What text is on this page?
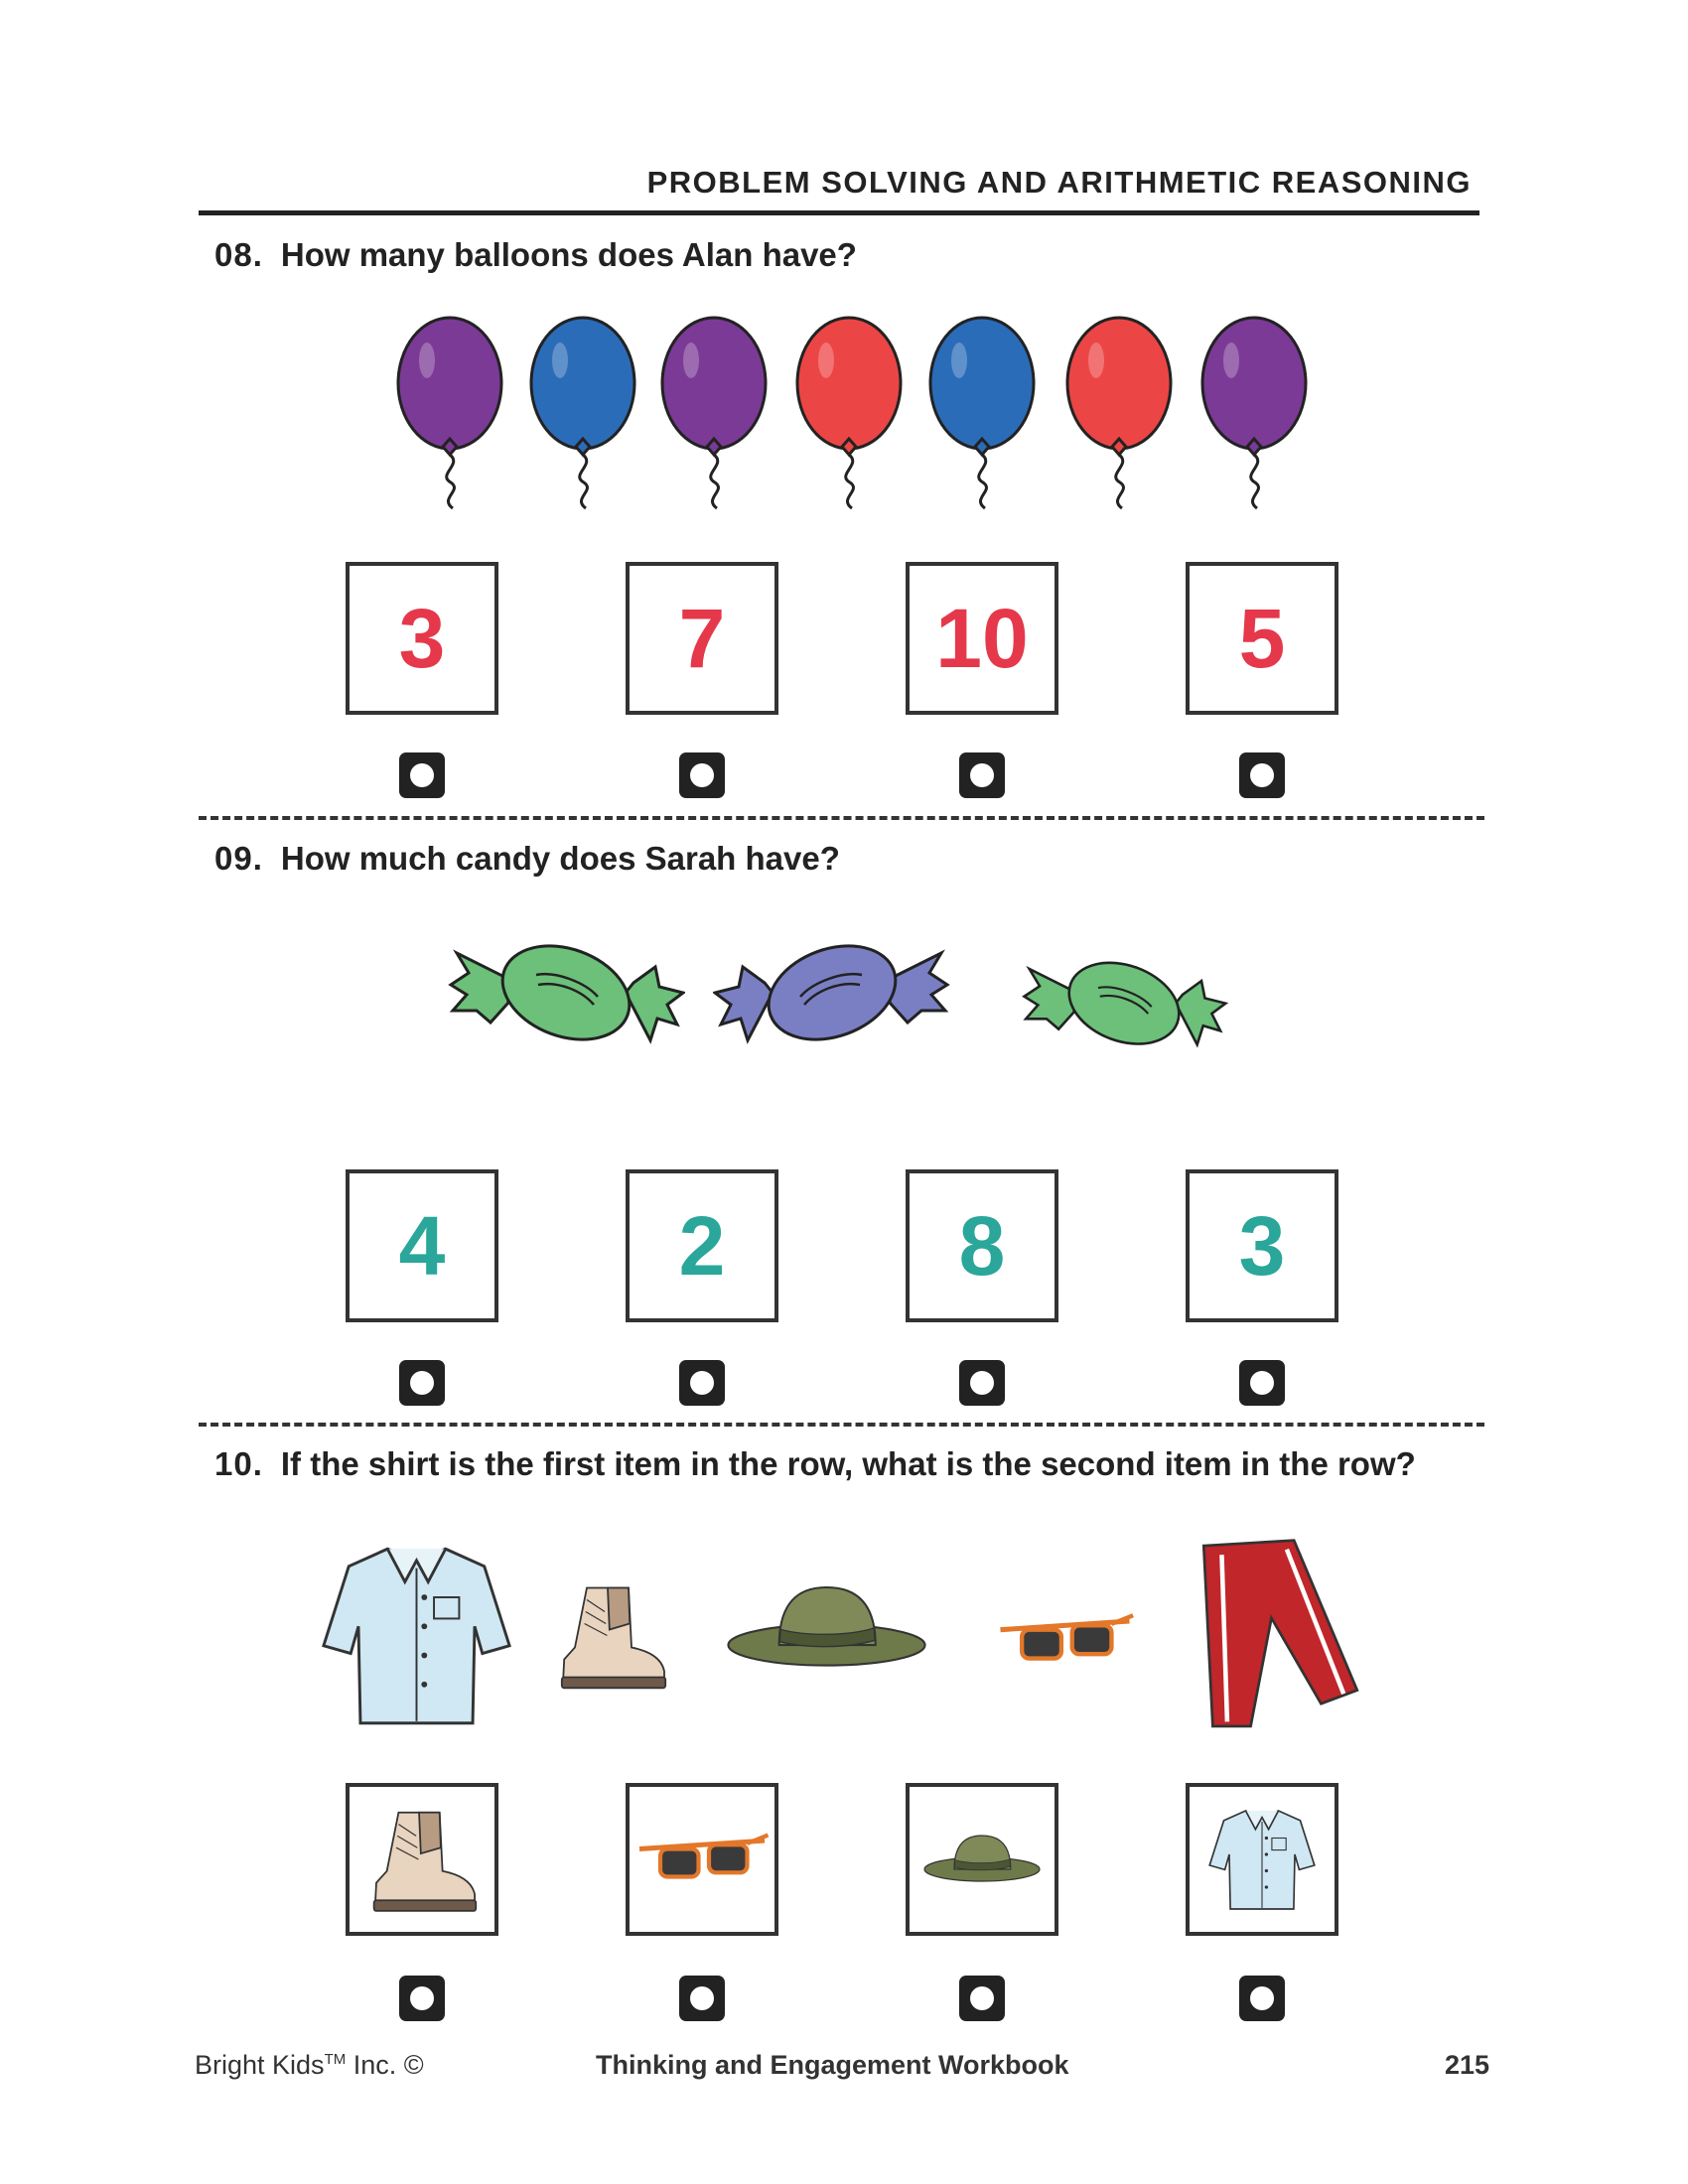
PROBLEM SOLVING AND ARITHMETIC REASONING
08. How many balloons does Alan have?
3	7	10	5
09. How much candy does Sarah have?
4	2	8	3
10. If the shirt is the first item in the row, what is the second item in the row?
Bright Kids™ Inc. ©	Thinking and Engagement Workbook	215
